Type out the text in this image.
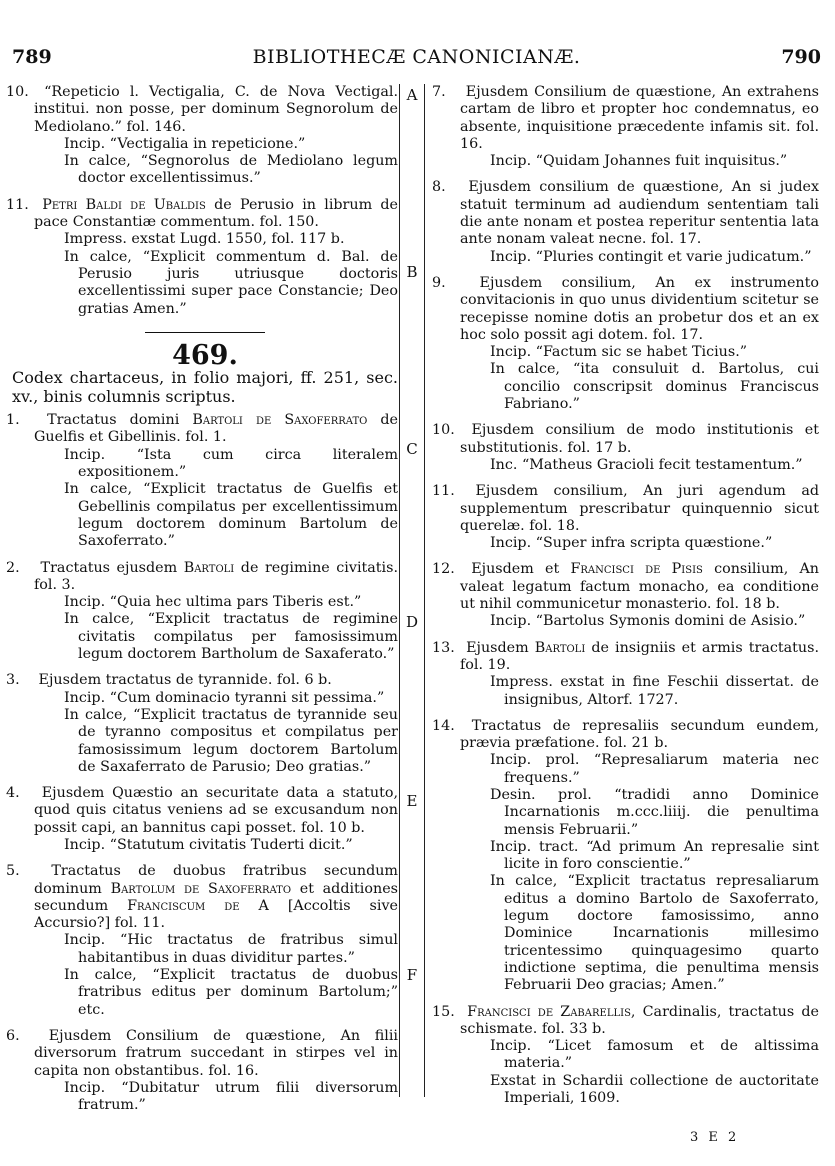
789	BIBLIOTHECÆ CANONICIANÆ.	790
A
B
C
D
E
F

10. “Repeticio l. Vectigalia, C. de Nova Vectigal. institui. non posse, per dominum Segnorolum de Mediolano.” fol. 146.

Incip. “Vectigalia in repeticione.”

In calce, “Segnorolus de Mediolano legum doctor excellentissimus.”

11. Petri Baldi de Ubaldis de Perusio in librum de pace Constantiæ commentum. fol. 150.

Impress. exstat Lugd. 1550, fol. 117 b.

In calce, “Explicit commentum d. Bal. de Perusio juris utriusque doctoris excellentissimi super pace Constancie; Deo gratias Amen.”

469.
Codex chartaceus, in folio majori, ff. 251, sec. xv., binis columnis scriptus.

1. Tractatus domini Bartoli de Saxoferrato de Guelfis et Gibellinis. fol. 1.

Incip. “Ista cum circa literalem expositionem.”

In calce, “Explicit tractatus de Guelfis et Gebellinis compilatus per excellentissimum legum doctorem dominum Bartolum de Saxoferrato.”

2. Tractatus ejusdem Bartoli de regimine civitatis. fol. 3.

Incip. “Quia hec ultima pars Tiberis est.”

In calce, “Explicit tractatus de regimine civitatis compilatus per famosissimum legum doctorem Bartholum de Saxaferato.”

3. Ejusdem tractatus de tyrannide. fol. 6 b.

Incip. “Cum dominacio tyranni sit pessima.”

In calce, “Explicit tractatus de tyrannide seu de tyranno compositus et compilatus per famosissimum legum doctorem Bartolum de Saxaferrato de Parusio; Deo gratias.”

4. Ejusdem Quæstio an securitate data a statuto, quod quis citatus veniens ad se excusandum non possit capi, an bannitus capi posset. fol. 10 b.

Incip. “Statutum civitatis Tuderti dicit.”

5. Tractatus de duobus fratribus secundum dominum Bartolum de Saxoferrato et additiones secundum Franciscum de A [Accoltis sive Accursio?] fol. 11.

Incip. “Hic tractatus de fratribus simul habitantibus in duas dividitur partes.”

In calce, “Explicit tractatus de duobus fratribus editus per dominum Bartolum;” etc.

6. Ejusdem Consilium de quæstione, An filii diversorum fratrum succedant in stirpes vel in capita non obstantibus. fol. 16.

Incip. “Dubitatur utrum filii diversorum fratrum.”

7. Ejusdem Consilium de quæstione, An extrahens cartam de libro et propter hoc condemnatus, eo absente, inquisitione præcedente infamis sit. fol. 16.

Incip. “Quidam Johannes fuit inquisitus.”

8. Ejusdem consilium de quæstione, An si judex statuit terminum ad audiendum sententiam tali die ante nonam et postea reperitur sententia lata ante nonam valeat necne. fol. 17.

Incip. “Pluries contingit et varie judicatum.”

9. Ejusdem consilium, An ex instrumento convitacionis in quo unus dividentium scitetur se recepisse nomine dotis an probetur dos et an ex hoc solo possit agi dotem. fol. 17.

Incip. “Factum sic se habet Ticius.”

In calce, “ita consuluit d. Bartolus, cui concilio conscripsit dominus Franciscus Fabriano.”

10. Ejusdem consilium de modo institutionis et substitutionis. fol. 17 b.

Inc. “Matheus Gracioli fecit testamentum.”

11. Ejusdem consilium, An juri agendum ad supplementum prescribatur quinquennio sicut querelæ. fol. 18.

Incip. “Super infra scripta quæstione.”

12. Ejusdem et Francisci de Pisis consilium, An valeat legatum factum monacho, ea conditione ut nihil communicetur monasterio. fol. 18 b.

Incip. “Bartolus Symonis domini de Asisio.”

13. Ejusdem Bartoli de insigniis et armis tractatus. fol. 19.

Impress. exstat in fine Feschii dissertat. de insignibus, Altorf. 1727.

14. Tractatus de represaliis secundum eundem, prævia præfatione. fol. 21 b.

Incip. prol. “Represaliarum materia nec frequens.”

Desin. prol. “tradidi anno Dominice Incarnationis m.ccc.liiij. die penultima mensis Februarii.”

Incip. tract. “Ad primum An represalie sint licite in foro conscientie.”

In calce, “Explicit tractatus represaliarum editus a domino Bartolo de Saxoferrato, legum doctore famosissimo, anno Dominice Incarnationis millesimo tricentessimo quinquagesimo quarto indictione septima, die penultima mensis Februarii Deo gracias; Amen.”

15. Francisci de Zabarellis, Cardinalis, tractatus de schismate. fol. 33 b.

Incip. “Licet famosum et de altissima materia.”

Exstat in Schardii collectione de auctoritate Imperiali, 1609.

3 E 2
